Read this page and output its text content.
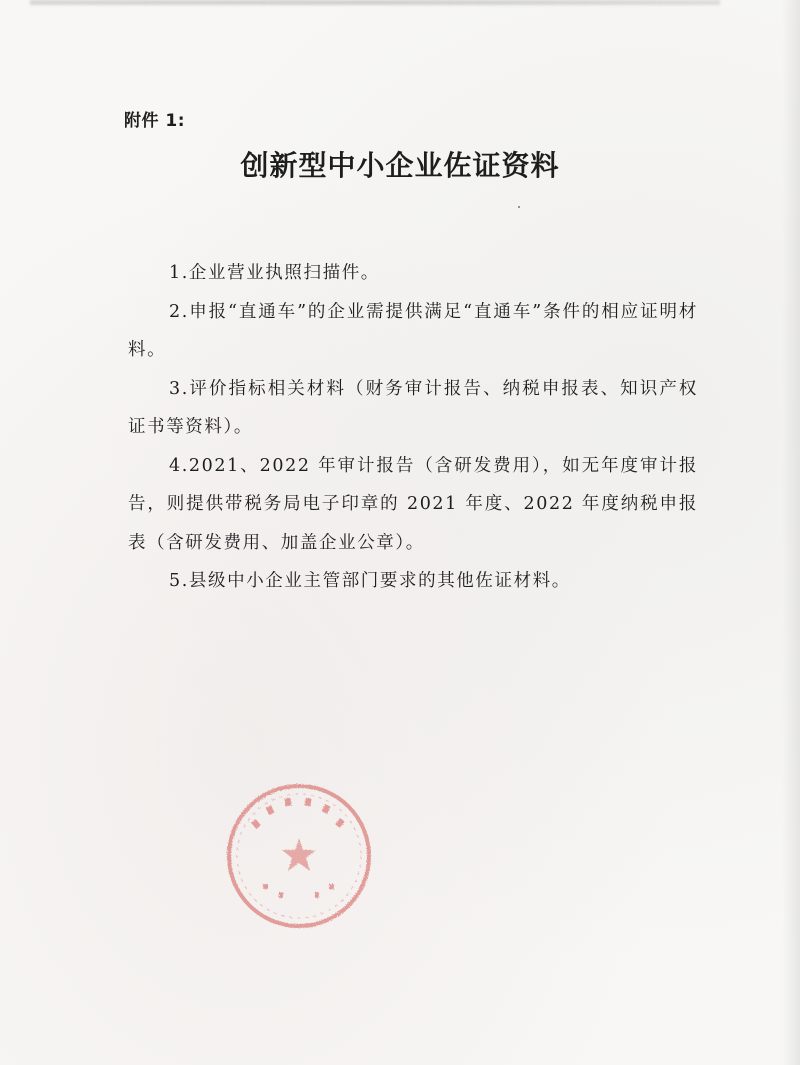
附件 1:
创新型中小企业佐证资料

1.企业营业执照扫描件。

2.申报“直通车”的企业需提供满足“直通车”条件的相应证明材料。

3.评价指标相关材料（财务审计报告、纳税申报表、知识产权证书等资料）。

4.2021、2022 年审计报告（含研发费用），如无年度审计报告，则提供带税务局电子印章的 2021 年度、2022 年度纳税申报表（含研发费用、加盖企业公章）。

5.县级中小企业主管部门要求的其他佐证材料。
